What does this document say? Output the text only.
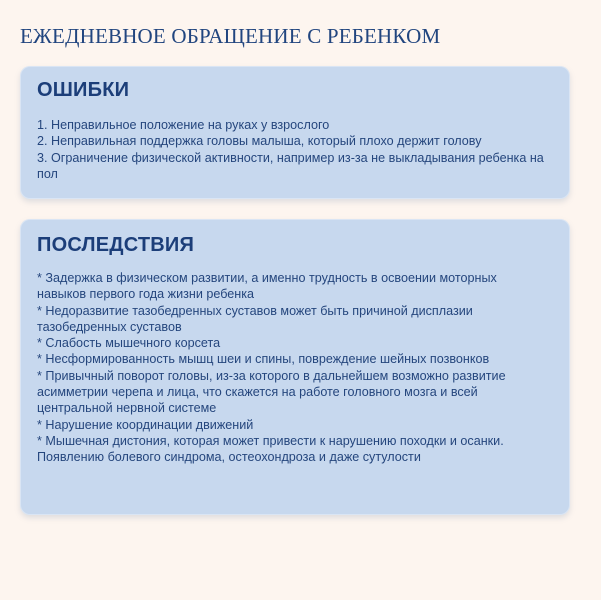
ЕЖЕДНЕВНОЕ ОБРАЩЕНИЕ С РЕБЕНКОМ
ОШИБКИ
1. Неправильное положение на руках у взрослого
2. Неправильная поддержка головы малыша, который плохо держит голову
3. Ограничение физической активности, например из-за не выкладывания ребенка на пол
ПОСЛЕДСТВИЯ
* Задержка в физическом развитии, а именно трудность в освоении моторных навыков первого года жизни ребенка
* Недоразвитие тазобедренных суставов может быть причиной дисплазии тазобедренных суставов
* Слабость мышечного корсета
* Несформированность мышц шеи и спины, повреждение шейных позвонков
* Привычный поворот головы, из-за которого в дальнейшем возможно развитие асимметрии черепа и лица, что скажется на работе головного мозга и всей центральной нервной системе
* Нарушение координации движений
* Мышечная дистония, которая может привести к нарушению походки и осанки. Появлению болевого синдрома, остеохондроза и даже сутулости
